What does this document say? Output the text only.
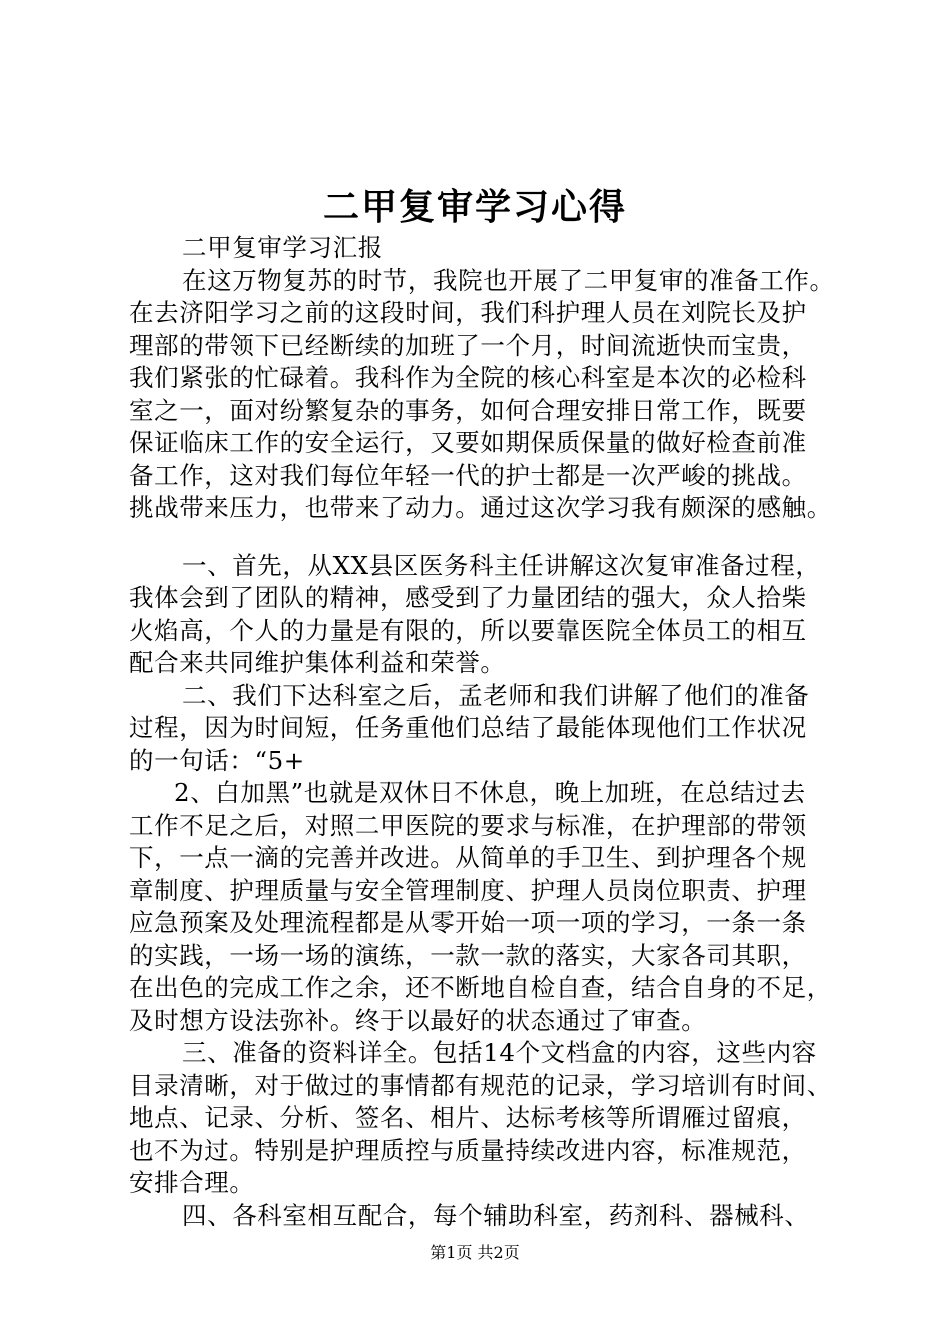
二甲复审学习心得
二甲复审学习汇报
在这万物复苏的时节，我院也开展了二甲复审的准备工作。
在去济阳学习之前的这段时间，我们科护理人员在刘院长及护
理部的带领下已经断续的加班了一个月，时间流逝快而宝贵，
我们紧张的忙碌着。我科作为全院的核心科室是本次的必检科
室之一，面对纷繁复杂的事务，如何合理安排日常工作，既要
保证临床工作的安全运行，又要如期保质保量的做好检查前准
备工作，这对我们每位年轻一代的护士都是一次严峻的挑战。
挑战带来压力，也带来了动力。通过这次学习我有颇深的感触。
一、首先，从XX县区医务科主任讲解这次复审准备过程，
我体会到了团队的精神，感受到了力量团结的强大，众人拾柴
火焰高，个人的力量是有限的，所以要靠医院全体员工的相互
配合来共同维护集体利益和荣誉。
二、我们下达科室之后，孟老师和我们讲解了他们的准备
过程，因为时间短，任务重他们总结了最能体现他们工作状况
的一句话：“5+
2、白加黑”也就是双休日不休息，晚上加班，在总结过去
工作不足之后，对照二甲医院的要求与标准，在护理部的带领
下，一点一滴的完善并改进。从简单的手卫生、到护理各个规
章制度、护理质量与安全管理制度、护理人员岗位职责、护理
应急预案及处理流程都是从零开始一项一项的学习，一条一条
的实践，一场一场的演练，一款一款的落实，大家各司其职，
在出色的完成工作之余，还不断地自检自查，结合自身的不足，
及时想方设法弥补。终于以最好的状态通过了审查。
三、准备的资料详全。包括14个文档盒的内容，这些内容
目录清晰，对于做过的事情都有规范的记录，学习培训有时间、
地点、记录、分析、签名、相片、达标考核等所谓雁过留痕，
也不为过。特别是护理质控与质量持续改进内容，标准规范，
安排合理。
四、各科室相互配合，每个辅助科室，药剂科、器械科、
第1页 共2页
